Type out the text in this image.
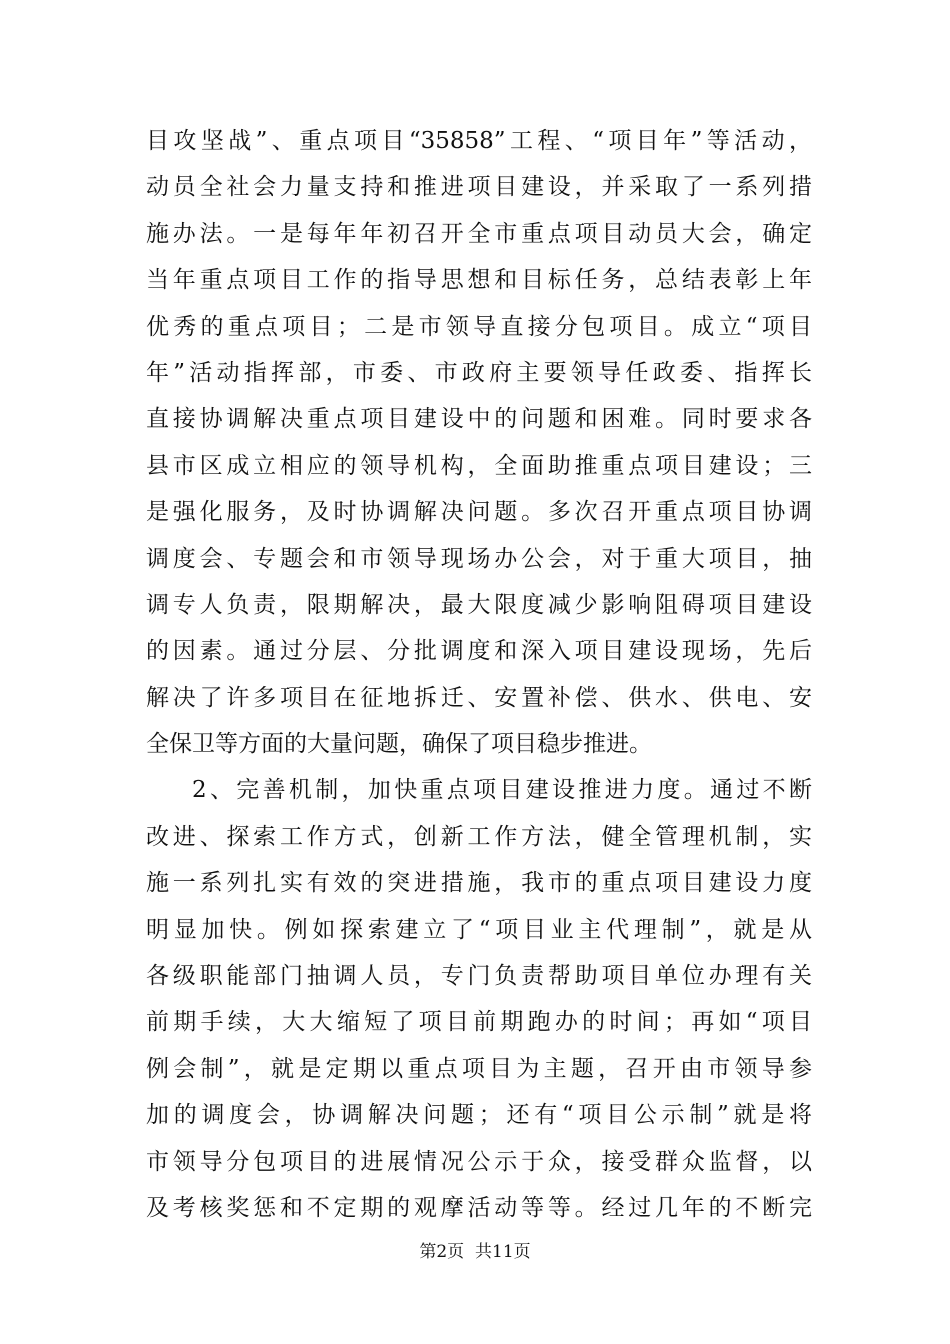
目攻坚战”、重点项目“35858”工程、“项目年”等活动，
动员全社会力量支持和推进项目建设，并采取了一系列措
施办法。一是每年年初召开全市重点项目动员大会，确定
当年重点项目工作的指导思想和目标任务，总结表彰上年
优秀的重点项目；二是市领导直接分包项目。成立“项目
年”活动指挥部，市委、市政府主要领导任政委、指挥长
直接协调解决重点项目建设中的问题和困难。同时要求各
县市区成立相应的领导机构，全面助推重点项目建设；三
是强化服务，及时协调解决问题。多次召开重点项目协调
调度会、专题会和市领导现场办公会，对于重大项目，抽
调专人负责，限期解决，最大限度减少影响阻碍项目建设
的因素。通过分层、分批调度和深入项目建设现场，先后
解决了许多项目在征地拆迁、安置补偿、供水、供电、安
全保卫等方面的大量问题，确保了项目稳步推进。
2、完善机制，加快重点项目建设推进力度。通过不断
改进、探索工作方式，创新工作方法，健全管理机制，实
施一系列扎实有效的突进措施，我市的重点项目建设力度
明显加快。例如探索建立了“项目业主代理制”，就是从
各级职能部门抽调人员，专门负责帮助项目单位办理有关
前期手续，大大缩短了项目前期跑办的时间；再如“项目
例会制”，就是定期以重点项目为主题，召开由市领导参
加的调度会，协调解决问题；还有“项目公示制”就是将
市领导分包项目的进展情况公示于众，接受群众监督，以
及考核奖惩和不定期的观摩活动等等。经过几年的不断完
第2页 共11页
